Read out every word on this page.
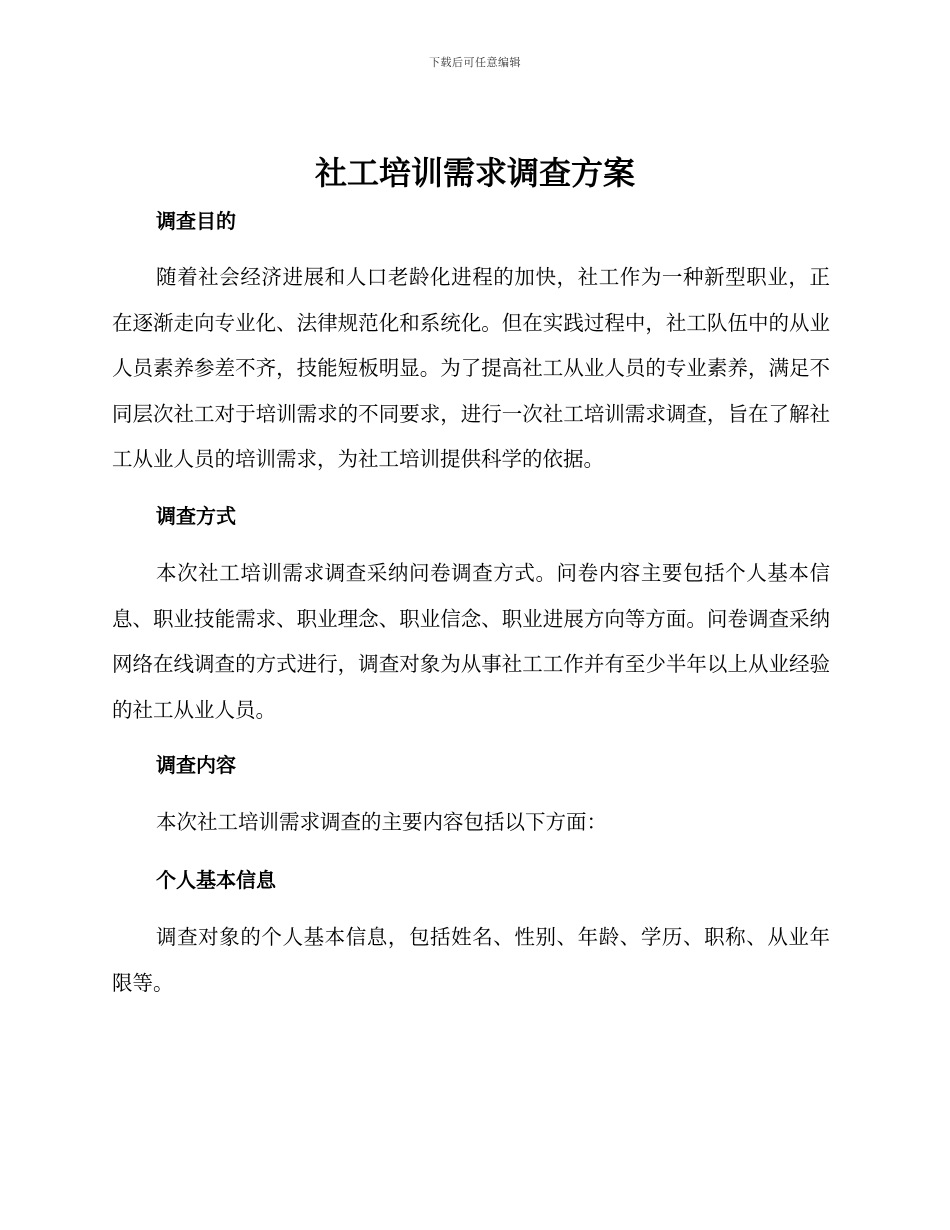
下载后可任意编辑
社工培训需求调查方案
调查目的

随着社会经济进展和人口老龄化进程的加快，社工作为一种新型职业，正在逐渐走向专业化、法律规范化和系统化。但在实践过程中，社工队伍中的从业人员素养参差不齐，技能短板明显。为了提高社工从业人员的专业素养，满足不同层次社工对于培训需求的不同要求，进行一次社工培训需求调查，旨在了解社工从业人员的培训需求，为社工培训提供科学的依据。

调查方式

本次社工培训需求调查采纳问卷调查方式。问卷内容主要包括个人基本信息、职业技能需求、职业理念、职业信念、职业进展方向等方面。问卷调查采纳网络在线调查的方式进行，调查对象为从事社工工作并有至少半年以上从业经验的社工从业人员。

调查内容

本次社工培训需求调查的主要内容包括以下方面：

个人基本信息

调查对象的个人基本信息，包括姓名、性别、年龄、学历、职称、从业年限等。
